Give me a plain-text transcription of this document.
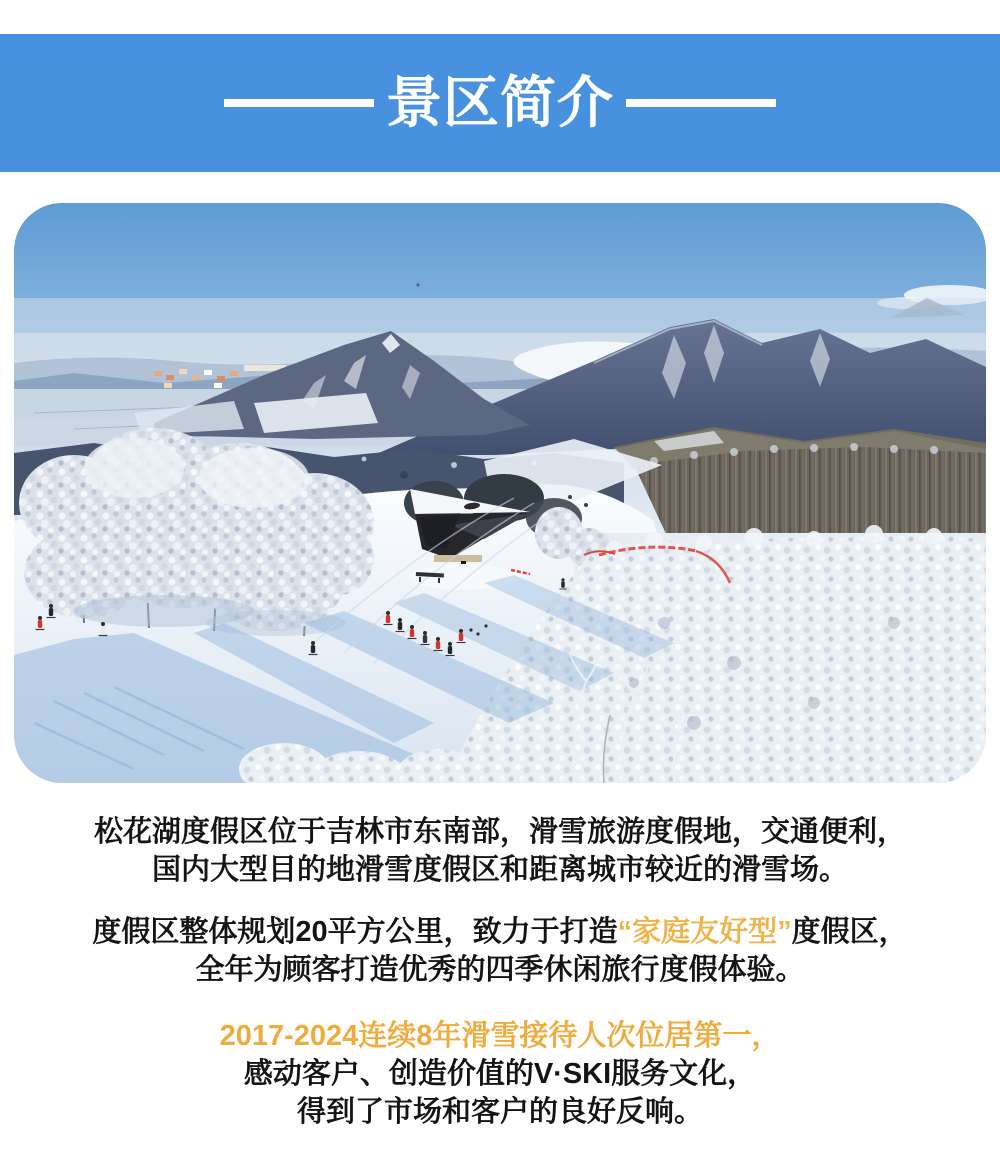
景区简介

松花湖度假区位于吉林市东南部，滑雪旅游度假地，交通便利，
国内大型目的地滑雪度假区和距离城市较近的滑雪场。

度假区整体规划20平方公里，致力于打造“家庭友好型”度假区，
全年为顾客打造优秀的四季休闲旅行度假体验。

2017-2024连续8年滑雪接待人次位居第一，
感动客户、创造价值的V·SKI服务文化，
得到了市场和客户的良好反响。
